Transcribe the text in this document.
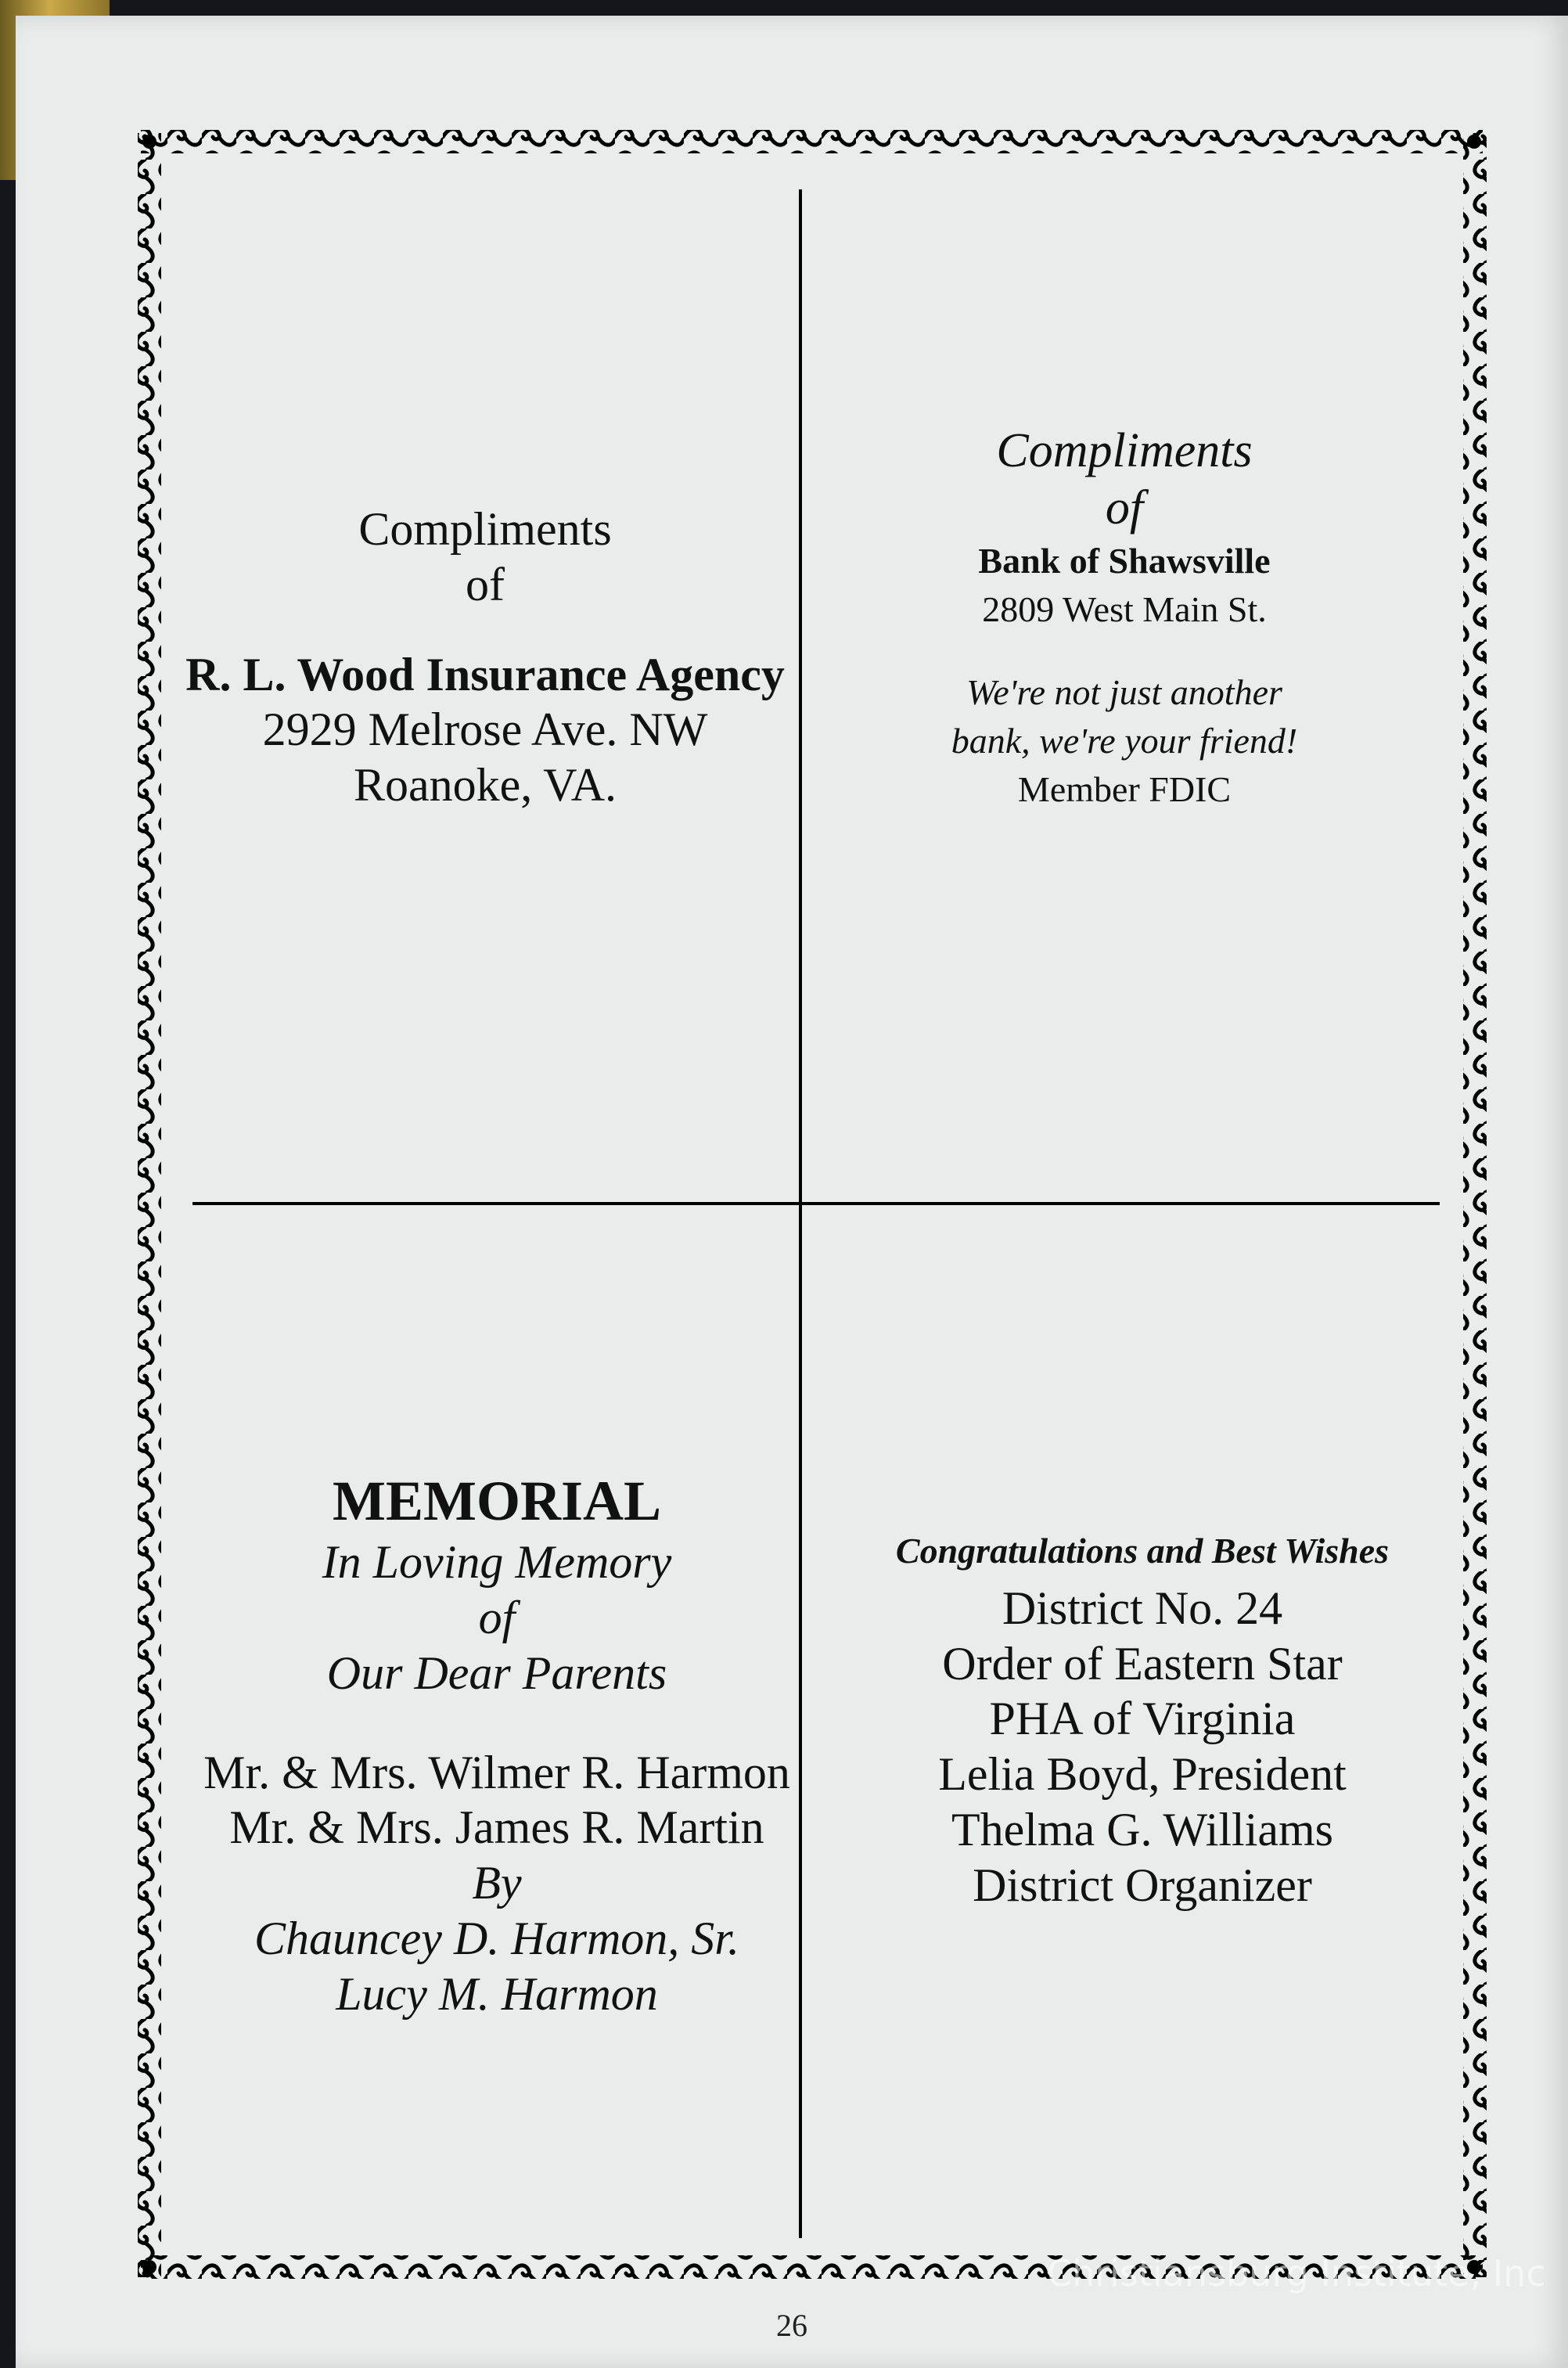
Compliments
of
R. L. Wood Insurance Agency
2929 Melrose Ave. NW
Roanoke, VA.
Compliments
of
Bank of Shawsville
2809 West Main St.
We're not just another
bank, we're your friend!
Member FDIC
MEMORIAL
In Loving Memory
of
Our Dear Parents
Mr. & Mrs. Wilmer R. Harmon
Mr. & Mrs. James R. Martin
By
Chauncey D. Harmon, Sr.
Lucy M. Harmon
Congratulations and Best Wishes
District No. 24
Order of Eastern Star
PHA of Virginia
Lelia Boyd, President
Thelma G. Williams
District Organizer
26
Christiansburg Institute, Inc
